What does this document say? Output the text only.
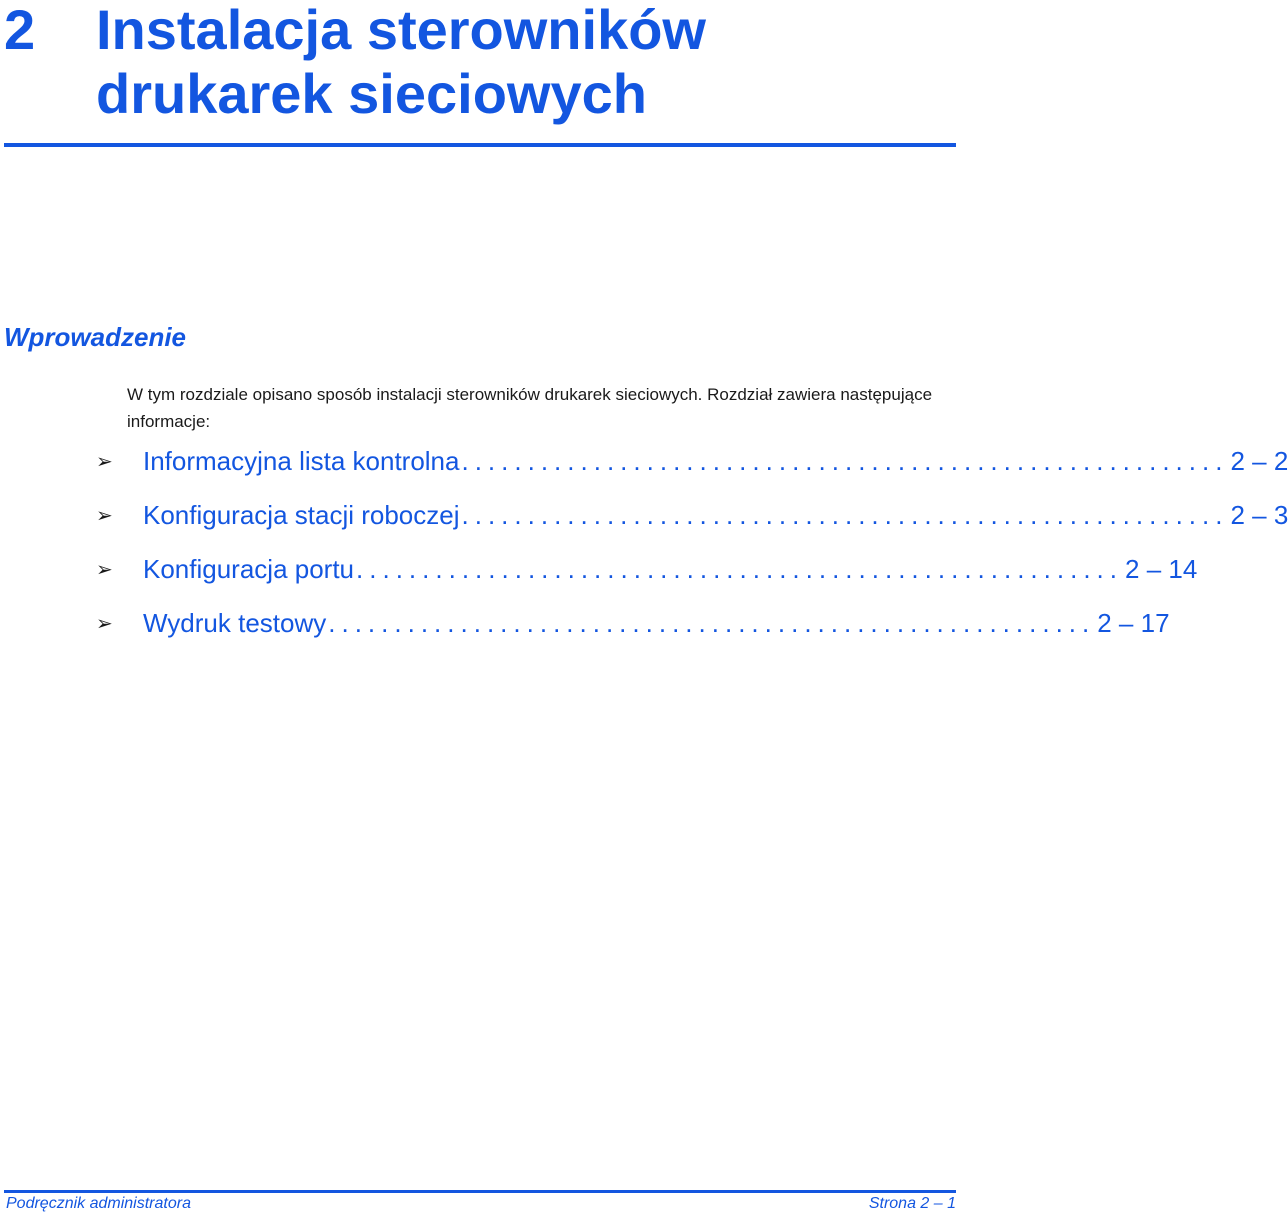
2 Instalacja sterowników drukarek sieciowych
Wprowadzenie
W tym rozdziale opisano sposób instalacji sterowników drukarek sieciowych. Rozdział zawiera następujące informacje:
➢	Informacyjna lista kontrolna .......................................................... 2 – 2
➢	Konfiguracja stacji roboczej .......................................................... 2 – 3
➢	Konfiguracja portu .......................................................... 2 – 14
➢	Wydruk testowy .......................................................... 2 – 17
Podręcznik administratora	Strona 2 – 1
